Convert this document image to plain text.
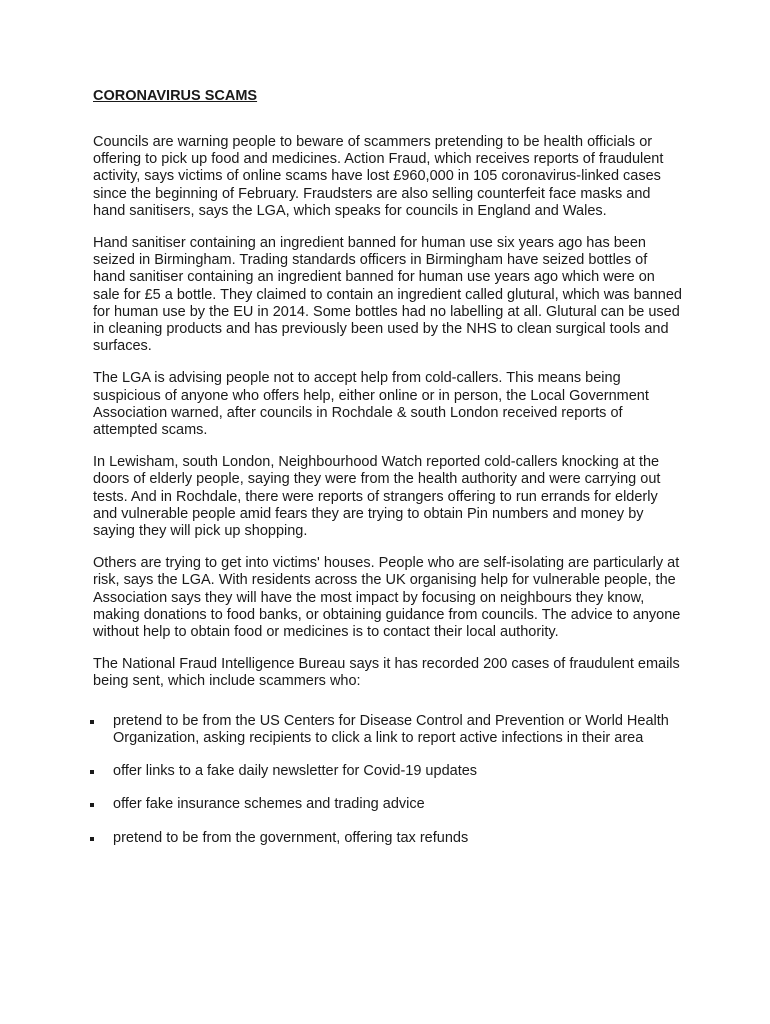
CORONAVIRUS SCAMS

Councils are warning people to beware of scammers pretending to be health officials or offering to pick up food and medicines. Action Fraud, which receives reports of fraudulent activity, says victims of online scams have lost £960,000 in 105 coronavirus-linked cases since the beginning of February. Fraudsters are also selling counterfeit face masks and hand sanitisers, says the LGA, which speaks for councils in England and Wales.

Hand sanitiser containing an ingredient banned for human use six years ago has been seized in Birmingham. Trading standards officers in Birmingham have seized bottles of hand sanitiser containing an ingredient banned for human use years ago which were on sale for £5 a bottle. They claimed to contain an ingredient called glutural, which was banned for human use by the EU in 2014. Some bottles had no labelling at all. Glutural can be used in cleaning products and has previously been used by the NHS to clean surgical tools and surfaces.

The LGA is advising people not to accept help from cold-callers. This means being suspicious of anyone who offers help, either online or in person, the Local Government Association warned, after councils in Rochdale & south London received reports of attempted scams.

In Lewisham, south London, Neighbourhood Watch reported cold-callers knocking at the doors of elderly people, saying they were from the health authority and were carrying out tests. And in Rochdale, there were reports of strangers offering to run errands for elderly and vulnerable people amid fears they are trying to obtain Pin numbers and money by saying they will pick up shopping.

Others are trying to get into victims' houses. People who are self-isolating are particularly at risk, says the LGA. With residents across the UK organising help for vulnerable people, the Association says they will have the most impact by focusing on neighbours they know, making donations to food banks, or obtaining guidance from councils. The advice to anyone without help to obtain food or medicines is to contact their local authority.

The National Fraud Intelligence Bureau says it has recorded 200 cases of fraudulent emails being sent, which include scammers who:

pretend to be from the US Centers for Disease Control and Prevention or World Health Organization, asking recipients to click a link to report active infections in their area
offer links to a fake daily newsletter for Covid-19 updates
offer fake insurance schemes and trading advice
pretend to be from the government, offering tax refunds
